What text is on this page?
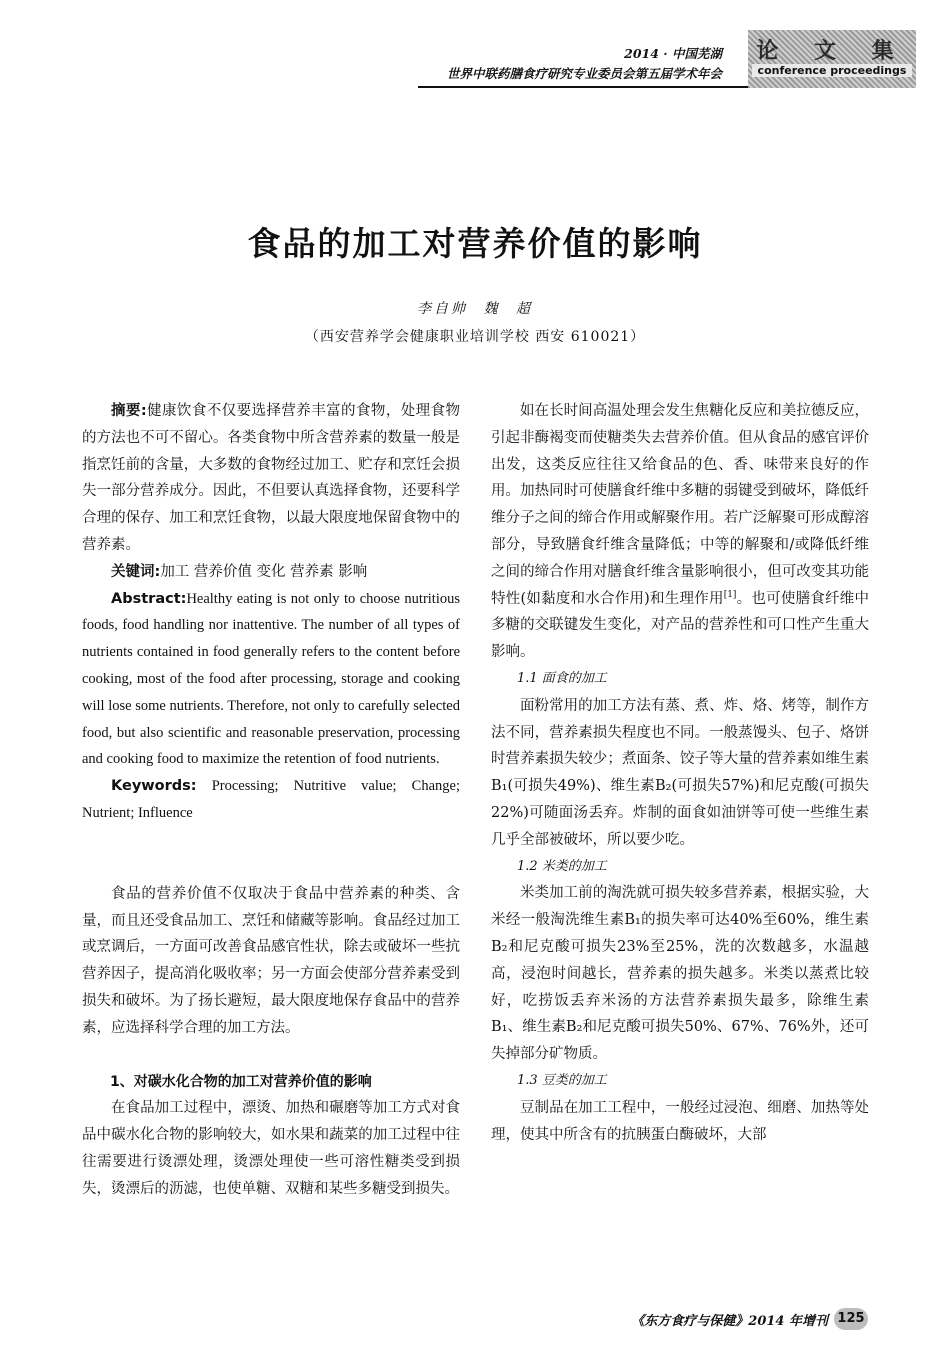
2014 · 中国芜湖
世界中联药膳食疗研究专业委员会第五届学术年会
论 文 集
conference proceedings
食品的加工对营养价值的影响
李自帅 魏 超
（西安营养学会健康职业培训学校 西安 610021）

摘要:健康饮食不仅要选择营养丰富的食物，处理食物的方法也不可不留心。各类食物中所含营养素的数量一般是指烹饪前的含量，大多数的食物经过加工、贮存和烹饪会损失一部分营养成分。因此，不但要认真选择食物，还要科学合理的保存、加工和烹饪食物，以最大限度地保留食物中的营养素。

关键词:加工 营养价值 变化 营养素 影响

Abstract:Healthy eating is not only to choose nutritious foods, food handling nor inattentive. The number of all types of nutrients contained in food generally refers to the content before cooking, most of the food after processing, storage and cooking will lose some nutrients. Therefore, not only to carefully selected food, but also scientific and reasonable preservation, processing and cooking food to maximize the retention of food nutrients.

Keywords: Processing; Nutritive value; Change; Nutrient; Influence

食品的营养价值不仅取决于食品中营养素的种类、含量，而且还受食品加工、烹饪和储藏等影响。食品经过加工或烹调后，一方面可改善食品感官性状，除去或破坏一些抗营养因子，提高消化吸收率；另一方面会使部分营养素受到损失和破坏。为了扬长避短，最大限度地保存食品中的营养素，应选择科学合理的加工方法。

1、对碳水化合物的加工对营养价值的影响

在食品加工过程中，漂烫、加热和碾磨等加工方式对食品中碳水化合物的影响较大，如水果和蔬菜的加工过程中往往需要进行烫漂处理，烫漂处理使一些可溶性糖类受到损失，烫漂后的沥滤，也使单糖、双糖和某些多糖受到损失。

如在长时间高温处理会发生焦糖化反应和美拉德反应，引起非酶褐变而使糖类失去营养价值。但从食品的感官评价出发，这类反应往往又给食品的色、香、味带来良好的作用。加热同时可使膳食纤维中多糖的弱键受到破坏，降低纤维分子之间的缔合作用或解聚作用。若广泛解聚可形成醇溶部分，导致膳食纤维含量降低；中等的解聚和/或降低纤维之间的缔合作用对膳食纤维含量影响很小，但可改变其功能特性(如黏度和水合作用)和生理作用[1]。也可使膳食纤维中多糖的交联键发生变化，对产品的营养性和可口性产生重大影响。

1.1 面食的加工

面粉常用的加工方法有蒸、煮、炸、烙、烤等，制作方法不同，营养素损失程度也不同。一般蒸馒头、包子、烙饼时营养素损失较少；煮面条、饺子等大量的营养素如维生素B₁(可损失49%)、维生素B₂(可损失57%)和尼克酸(可损失22%)可随面汤丢弃。炸制的面食如油饼等可使一些维生素几乎全部被破坏，所以要少吃。

1.2 米类的加工

米类加工前的淘洗就可损失较多营养素，根据实验，大米经一般淘洗维生素B₁的损失率可达40%至60%，维生素B₂和尼克酸可损失23%至25%，洗的次数越多，水温越高，浸泡时间越长，营养素的损失越多。米类以蒸煮比较好，吃捞饭丢弃米汤的方法营养素损失最多，除维生素B₁、维生素B₂和尼克酸可损失50%、67%、76%外，还可失掉部分矿物质。

1.3 豆类的加工

豆制品在加工工程中，一般经过浸泡、细磨、加热等处理，使其中所含有的抗胰蛋白酶破坏，大部

《东方食疗与保健》2014 年增刊 125
